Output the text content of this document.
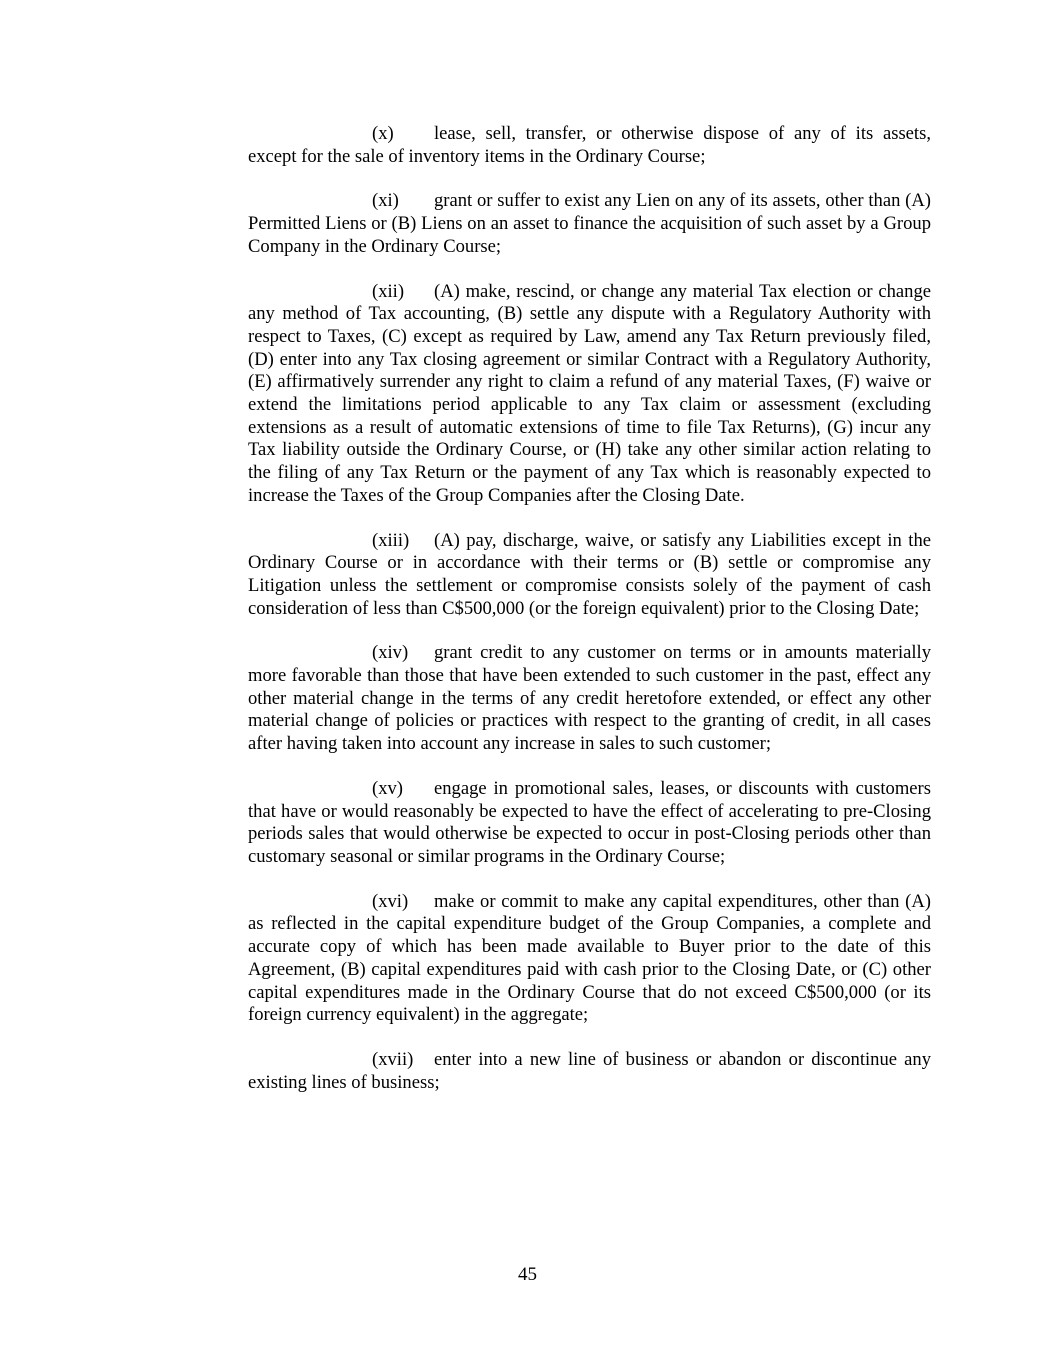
(x) lease, sell, transfer, or otherwise dispose of any of its assets, except for the sale of inventory items in the Ordinary Course;

(xi) grant or suffer to exist any Lien on any of its assets, other than (A) Permitted Liens or (B) Liens on an asset to finance the acquisition of such asset by a Group Company in the Ordinary Course;

(xii) (A) make, rescind, or change any material Tax election or change any method of Tax accounting, (B) settle any dispute with a Regulatory Authority with respect to Taxes, (C) except as required by Law, amend any Tax Return previously filed, (D) enter into any Tax closing agreement or similar Contract with a Regulatory Authority, (E) affirmatively surrender any right to claim a refund of any material Taxes, (F) waive or extend the limitations period applicable to any Tax claim or assessment (excluding extensions as a result of automatic extensions of time to file Tax Returns), (G) incur any Tax liability outside the Ordinary Course, or (H) take any other similar action relating to the filing of any Tax Return or the payment of any Tax which is reasonably expected to increase the Taxes of the Group Companies after the Closing Date.

(xiii) (A) pay, discharge, waive, or satisfy any Liabilities except in the Ordinary Course or in accordance with their terms or (B) settle or compromise any Litigation unless the settlement or compromise consists solely of the payment of cash consideration of less than C$500,000 (or the foreign equivalent) prior to the Closing Date;

(xiv) grant credit to any customer on terms or in amounts materially more favorable than those that have been extended to such customer in the past, effect any other material change in the terms of any credit heretofore extended, or effect any other material change of policies or practices with respect to the granting of credit, in all cases after having taken into account any increase in sales to such customer;

(xv) engage in promotional sales, leases, or discounts with customers that have or would reasonably be expected to have the effect of accelerating to pre-Closing periods sales that would otherwise be expected to occur in post-Closing periods other than customary seasonal or similar programs in the Ordinary Course;

(xvi) make or commit to make any capital expenditures, other than (A) as reflected in the capital expenditure budget of the Group Companies, a complete and accurate copy of which has been made available to Buyer prior to the date of this Agreement, (B) capital expenditures paid with cash prior to the Closing Date, or (C) other capital expenditures made in the Ordinary Course that do not exceed C$500,000 (or its foreign currency equivalent) in the aggregate;

(xvii) enter into a new line of business or abandon or discontinue any existing lines of business;

45
